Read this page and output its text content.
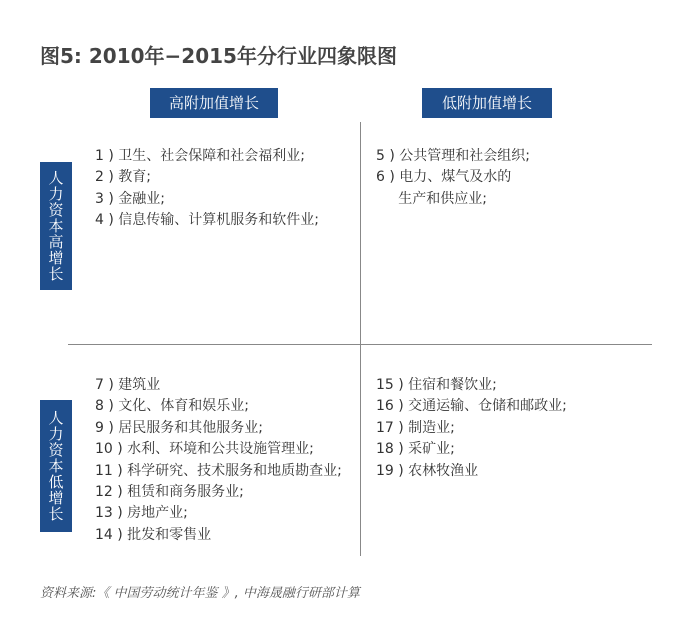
图5: 2010年−2015年分行业四象限图
高附加值增长	低附加值增长
人力资本高增长
人力资本低增长
1 ) 卫生、社会保障和社会福利业;
2 ) 教育;
3 ) 金融业;
4 ) 信息传输、计算机服务和软件业;
5 ) 公共管理和社会组织;
6 ) 电力、煤气及水的
生产和供应业;
7 ) 建筑业
8 ) 文化、体育和娱乐业;
9 ) 居民服务和其他服务业;
10 ) 水利、环境和公共设施管理业;
11 ) 科学研究、技术服务和地质勘查业;
12 ) 租赁和商务服务业;
13 ) 房地产业;
14 ) 批发和零售业
15 ) 住宿和餐饮业;
16 ) 交通运输、仓储和邮政业;
17 ) 制造业;
18 ) 采矿业;
19 ) 农林牧渔业
资料来源:《 中国劳动统计年鉴 》, 中海晟融行研部计算
